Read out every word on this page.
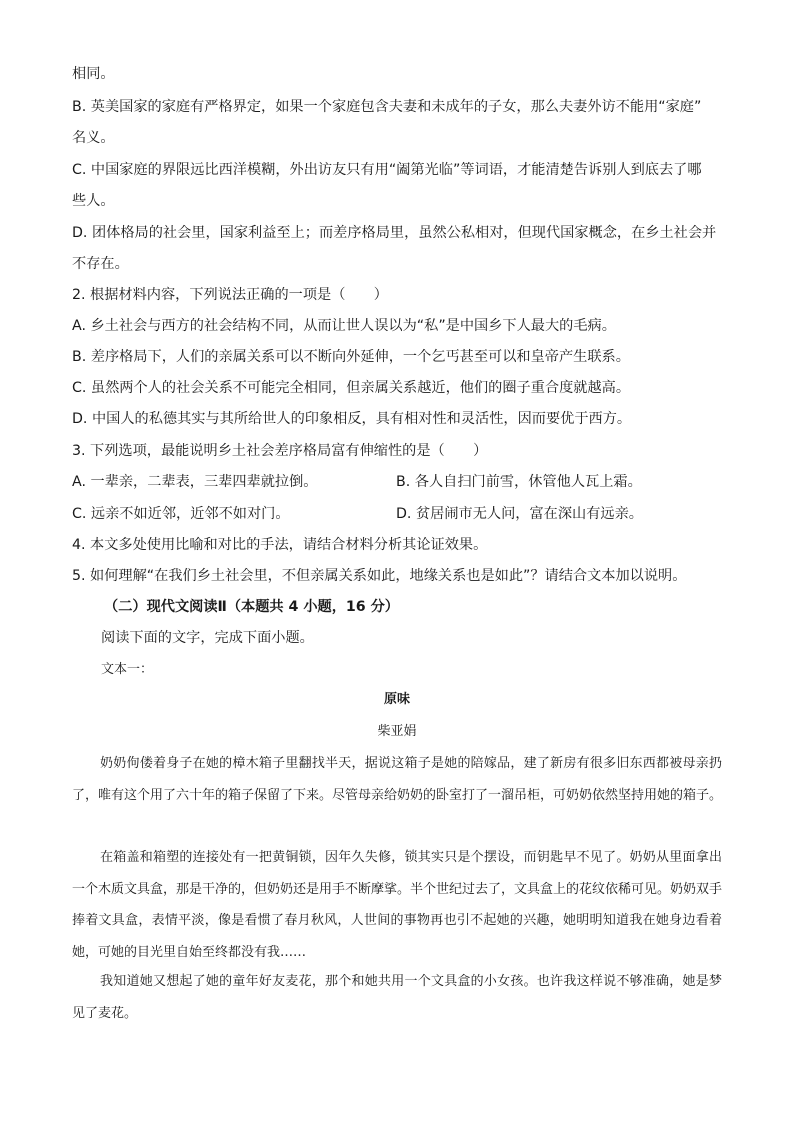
相同。
B. 英美国家的家庭有严格界定，如果一个家庭包含夫妻和未成年的子女，那么夫妻外访不能用“家庭”
名义。
C. 中国家庭的界限远比西洋模糊，外出访友只有用“阖第光临”等词语，才能清楚告诉别人到底去了哪
些人。
D. 团体格局的社会里，国家利益至上；而差序格局里，虽然公私相对，但现代国家概念，在乡土社会并
不存在。
2. 根据材料内容，下列说法正确的一项是（　　）
A. 乡土社会与西方的社会结构不同，从而让世人误以为“私”是中国乡下人最大的毛病。
B. 差序格局下，人们的亲属关系可以不断向外延伸，一个乞丐甚至可以和皇帝产生联系。
C. 虽然两个人的社会关系不可能完全相同，但亲属关系越近，他们的圈子重合度就越高。
D. 中国人的私德其实与其所给世人的印象相反，具有相对性和灵活性，因而要优于西方。
3. 下列选项，最能说明乡土社会差序格局富有伸缩性的是（　　）
A. 一辈亲，二辈表，三辈四辈就拉倒。	B. 各人自扫门前雪，休管他人瓦上霜。
C. 远亲不如近邻，近邻不如对门。	D. 贫居闹市无人问，富在深山有远亲。
4. 本文多处使用比喻和对比的手法，请结合材料分析其论证效果。
5. 如何理解“在我们乡土社会里，不但亲属关系如此，地缘关系也是如此”？请结合文本加以说明。
（二）现代文阅读Ⅱ（本题共 4 小题，16 分）
阅读下面的文字，完成下面小题。
文本一：
原味
柴亚娟

奶奶佝偻着身子在她的樟木箱子里翻找半天，据说这箱子是她的陪嫁品，建了新房有很多旧东西都被母亲扔了，唯有这个用了六十年的箱子保留了下来。尽管母亲给奶奶的卧室打了一溜吊柜，可奶奶依然坚持用她的箱子。

在箱盖和箱塑的连接处有一把黄铜锁，因年久失修，锁其实只是个摆设，而钥匙早不见了。奶奶从里面拿出一个木质文具盒，那是干净的，但奶奶还是用手不断摩挲。半个世纪过去了，文具盒上的花纹依稀可见。奶奶双手捧着文具盒，表情平淡，像是看惯了春月秋风，人世间的事物再也引不起她的兴趣，她明明知道我在她身边看着她，可她的目光里自始至终都没有我……

我知道她又想起了她的童年好友麦花，那个和她共用一个文具盒的小女孩。也许我这样说不够准确，她是梦见了麦花。
